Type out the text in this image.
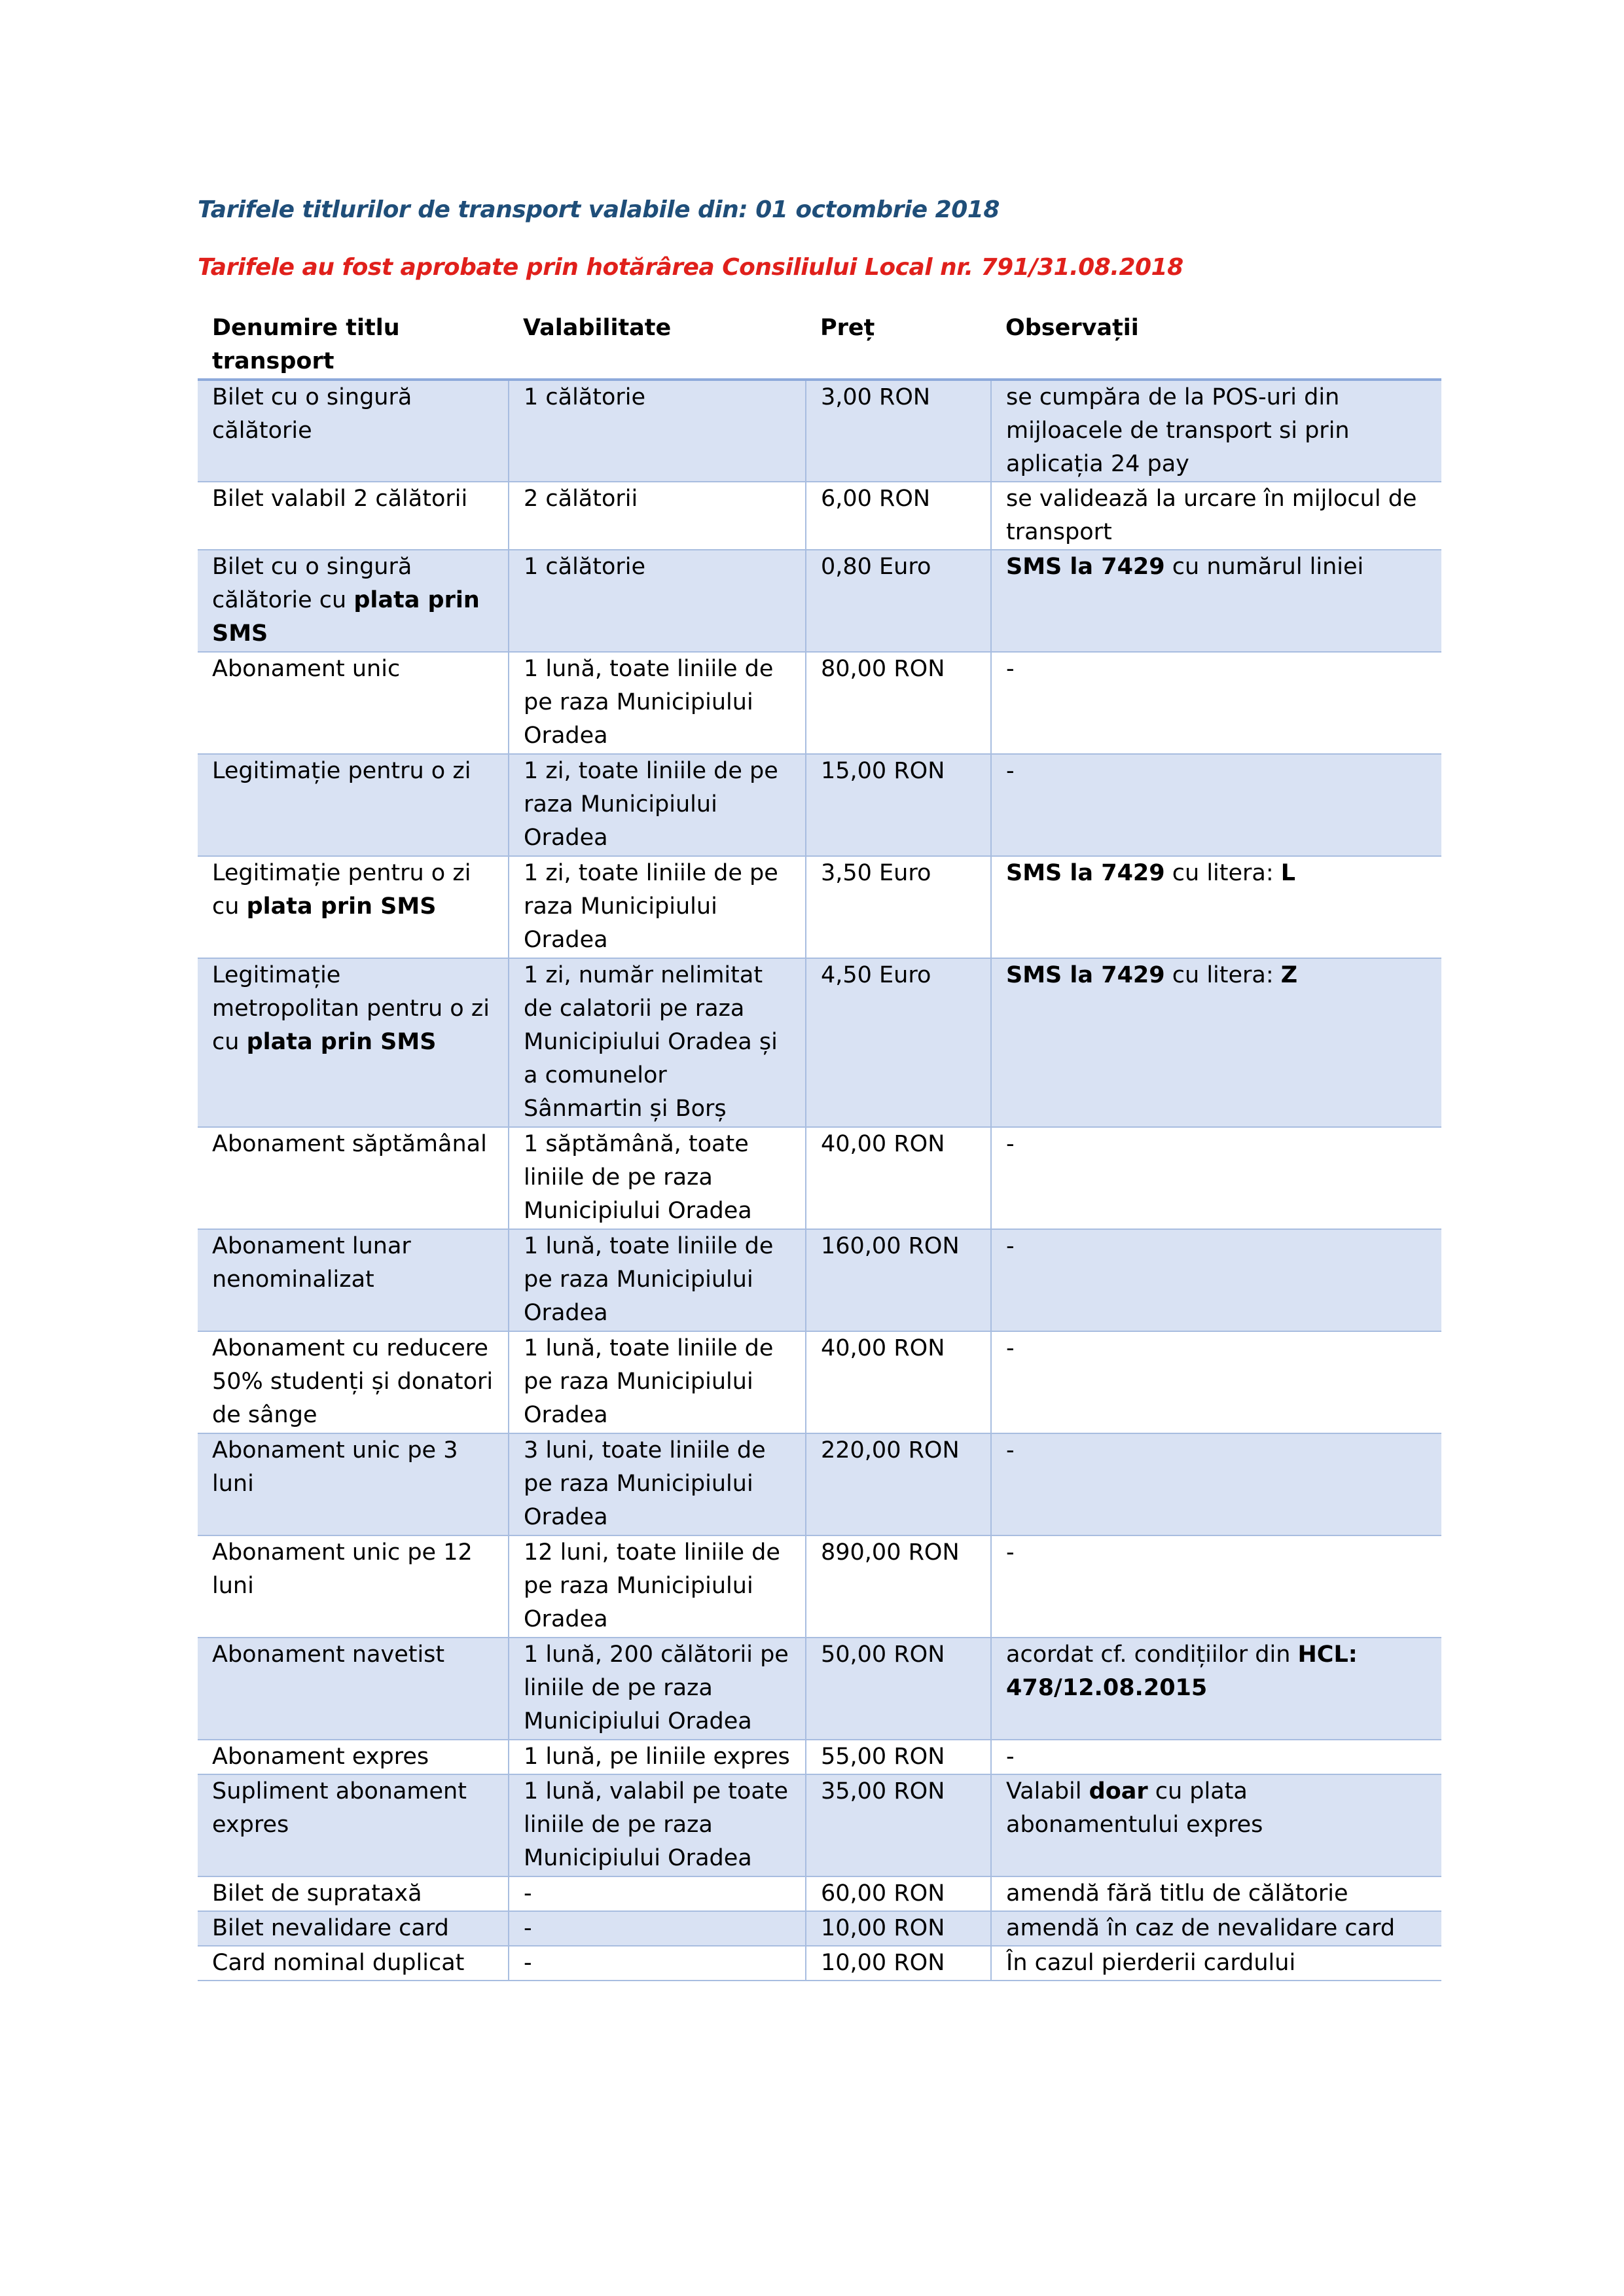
Tarifele titlurilor de transport valabile din: 01 octombrie 2018

Tarifele au fost aprobate prin hotărârea Consiliului Local nr. 791/31.08.2018

Denumire titlu transport	Valabilitate	Preț	Observații
Bilet cu o singură călătorie	1 călătorie	3,00 RON	se cumpăra de la POS-uri din mijloacele de transport si prin aplicația 24 pay
Bilet valabil 2 călătorii	2 călătorii	6,00 RON	se validează la urcare în mijlocul de transport
Bilet cu o singură călătorie cu plata prin SMS	1 călătorie	0,80 Euro	SMS la 7429 cu numărul liniei
Abonament unic	1 lună, toate liniile de pe raza Municipiului Oradea	80,00 RON	-
Legitimație pentru o zi	1 zi, toate liniile de pe raza Municipiului Oradea	15,00 RON	-
Legitimație pentru o zi cu plata prin SMS	1 zi, toate liniile de pe raza Municipiului Oradea	3,50 Euro	SMS la 7429 cu litera: L
Legitimație metropolitan pentru o zi cu plata prin SMS	1 zi, număr nelimitat de calatorii pe raza Municipiului Oradea și a comunelor Sânmartin și Borș	4,50 Euro	SMS la 7429 cu litera: Z
Abonament săptămânal	1 săptămână, toate liniile de pe raza Municipiului Oradea	40,00 RON	-
Abonament lunar nenominalizat	1 lună, toate liniile de pe raza Municipiului Oradea	160,00 RON	-
Abonament cu reducere 50% studenți și donatori de sânge	1 lună, toate liniile de pe raza Municipiului Oradea	40,00 RON	-
Abonament unic pe 3 luni	3 luni, toate liniile de pe raza Municipiului Oradea	220,00 RON	-
Abonament unic pe 12 luni	12 luni, toate liniile de pe raza Municipiului Oradea	890,00 RON	-
Abonament navetist	1 lună, 200 călătorii pe liniile de pe raza Municipiului Oradea	50,00 RON	acordat cf. condițiilor din HCL: 478/12.08.2015
Abonament expres	1 lună, pe liniile expres	55,00 RON	-
Supliment abonament expres	1 lună, valabil pe toate liniile de pe raza Municipiului Oradea	35,00 RON	Valabil doar cu plata abonamentului expres
Bilet de suprataxă	-	60,00 RON	amendă fără titlu de călătorie
Bilet nevalidare card	-	10,00 RON	amendă în caz de nevalidare card
Card nominal duplicat	-	10,00 RON	În cazul pierderii cardului
